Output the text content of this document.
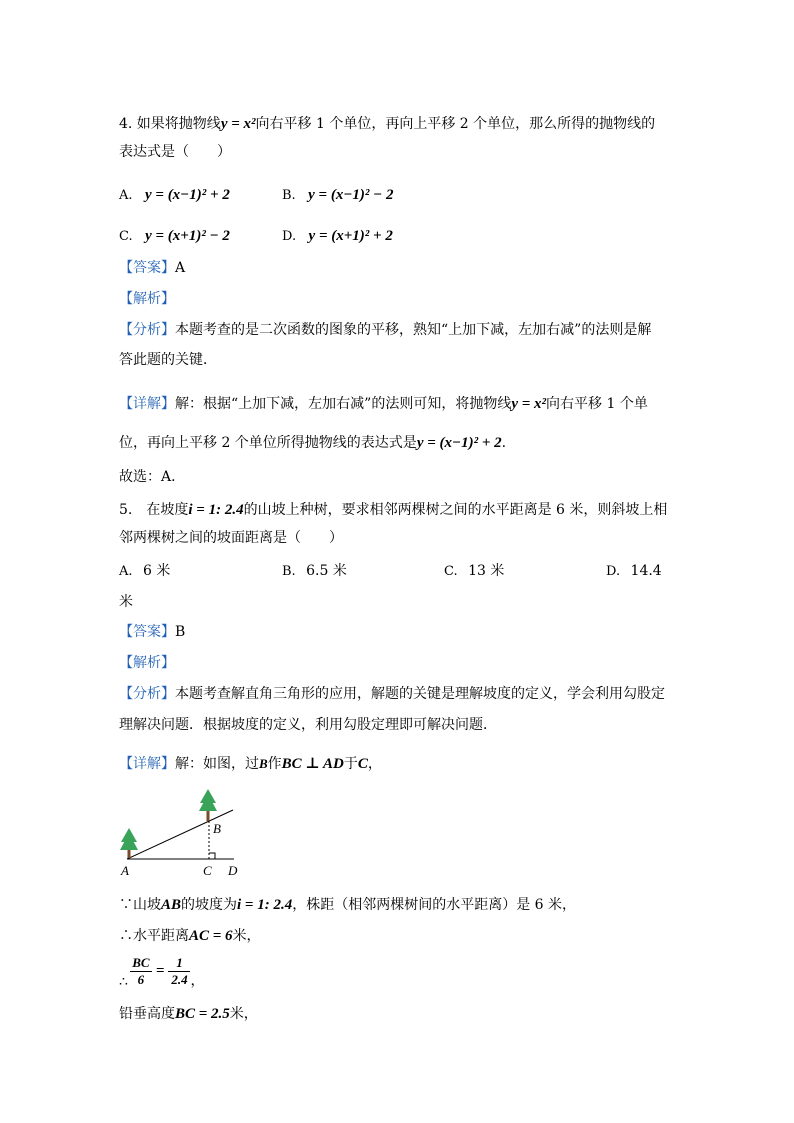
4. 如果将抛物线y = x²向右平移 1 个单位，再向上平移 2 个单位，那么所得的抛物线的
表达式是（　　）
A. y = (x−1)² + 2	B. y = (x−1)² − 2
C. y = (x+1)² − 2	D. y = (x+1)² + 2
【答案】A
【解析】
【分析】本题考查的是二次函数的图象的平移，熟知“上加下减，左加右减”的法则是解
答此题的关键．
【详解】解：根据“上加下减，左加右减”的法则可知，将抛物线y = x²向右平移 1 个单
位，再向上平移 2 个单位所得抛物线的表达式是y = (x−1)² + 2.
故选：A．
5.　在坡度i = 1: 2.4的山坡上种树，要求相邻两棵树之间的水平距离是 6 米，则斜坡上相
邻两棵树之间的坡面距离是（　　）
A. 6 米	B. 6.5 米	C. 13 米	D. 14.4
米
【答案】B
【解析】
【分析】本题考查解直角三角形的应用，解题的关键是理解坡度的定义，学会利用勾股定
理解决问题．根据坡度的定义，利用勾股定理即可解决问题．
【详解】解：如图，过B作BC ⊥ AD于C，
B
A	C D
∵山坡AB的坡度为i = 1: 2.4，株距（相邻两棵树间的水平距离）是 6 米，
∴水平距离AC = 6米，
∴
BC
6
=
1
2.4 ，
铅垂高度BC = 2.5米，
